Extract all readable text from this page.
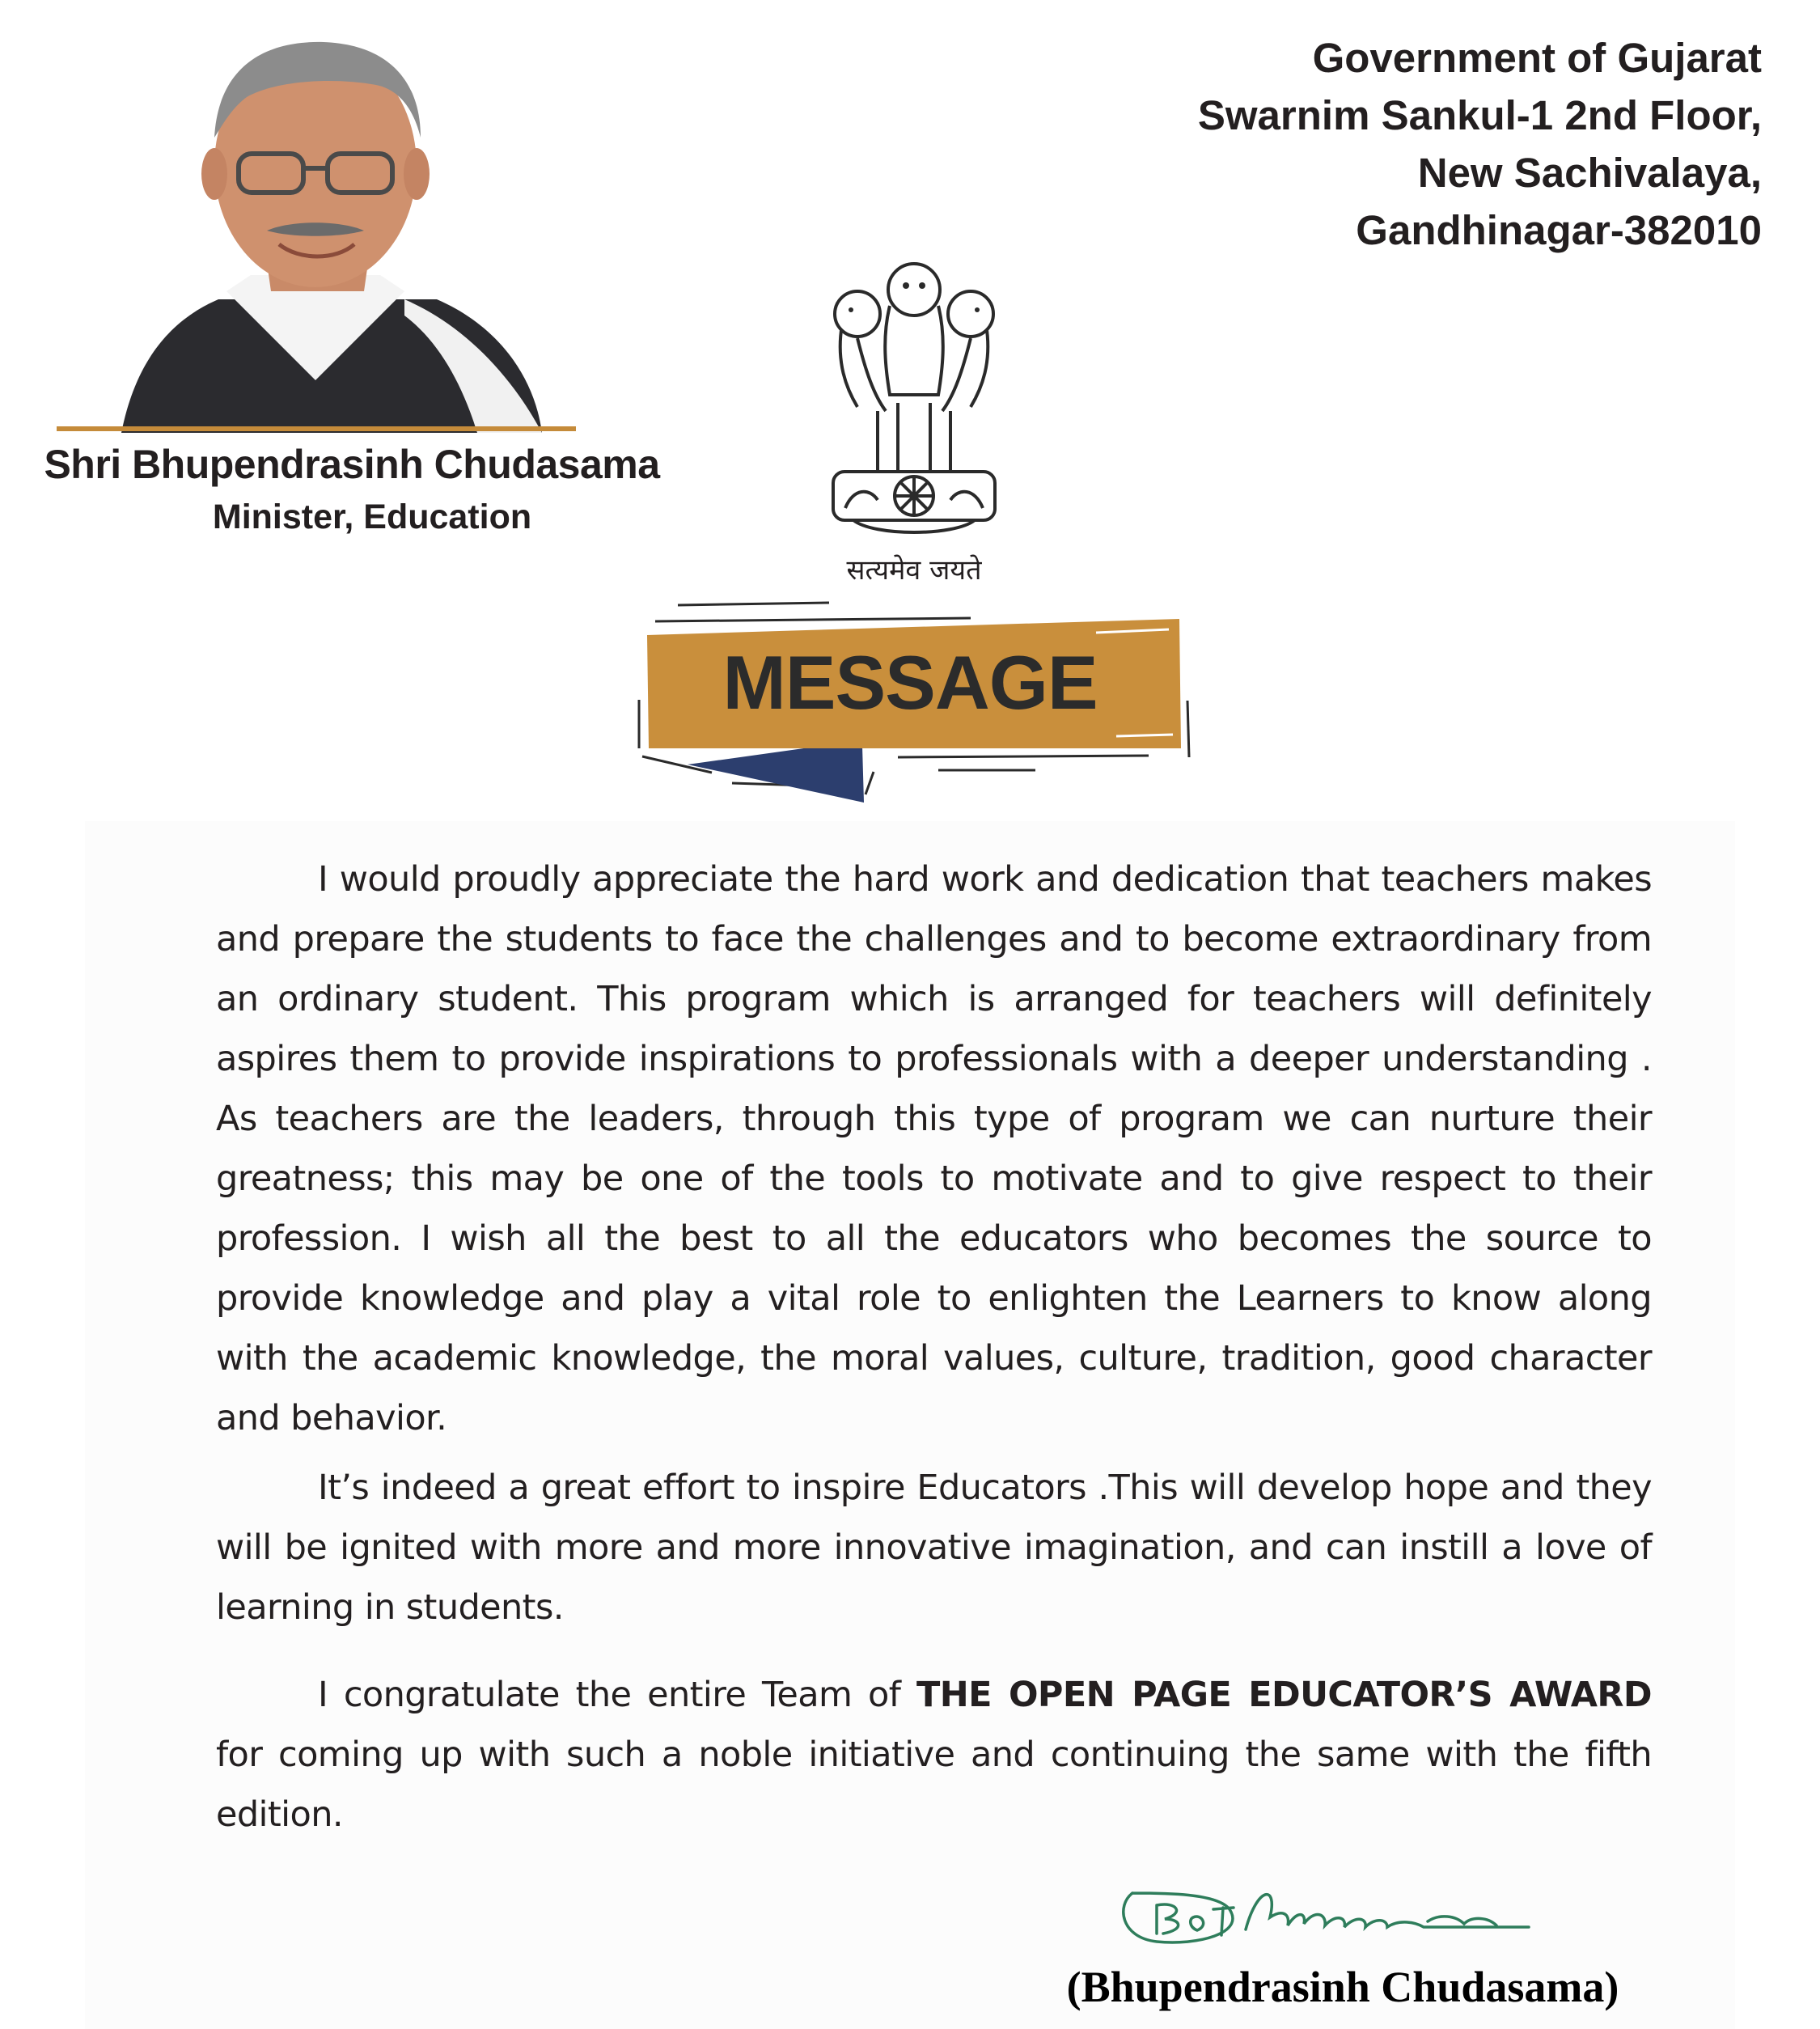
Shri Bhupendrasinh Chudasama
Minister, Education
Government of Gujarat
Swarnim Sankul-1 2nd Floor,
New Sachivalaya,
Gandhinagar-382010
सत्यमेव जयते
MESSAGE

I would proudly appreciate the hard work and dedication that teachers makes and prepare the students to face the challenges and to become extraordinary from an ordinary student. This program which is arranged for teachers will definitely aspires them to provide inspirations to professionals with a deeper understanding . As teachers are the leaders, through this type of program we can nurture their greatness; this may be one of the tools to motivate and to give respect to their profession. I wish all the best to all the educators who becomes the source to provide knowledge and play a vital role to enlighten the Learners to know along with the academic knowledge, the moral values, culture, tradition, good character and behavior.

It’s indeed a great effort to inspire Educators .This will develop hope and they will be ignited with more and more innovative imagination, and can instill a love of learning in students.

I congratulate the entire Team of THE OPEN PAGE EDUCATOR’S AWARD for coming up with such a noble initiative and continuing the same with the fifth edition.

(Bhupendrasinh Chudasama)
